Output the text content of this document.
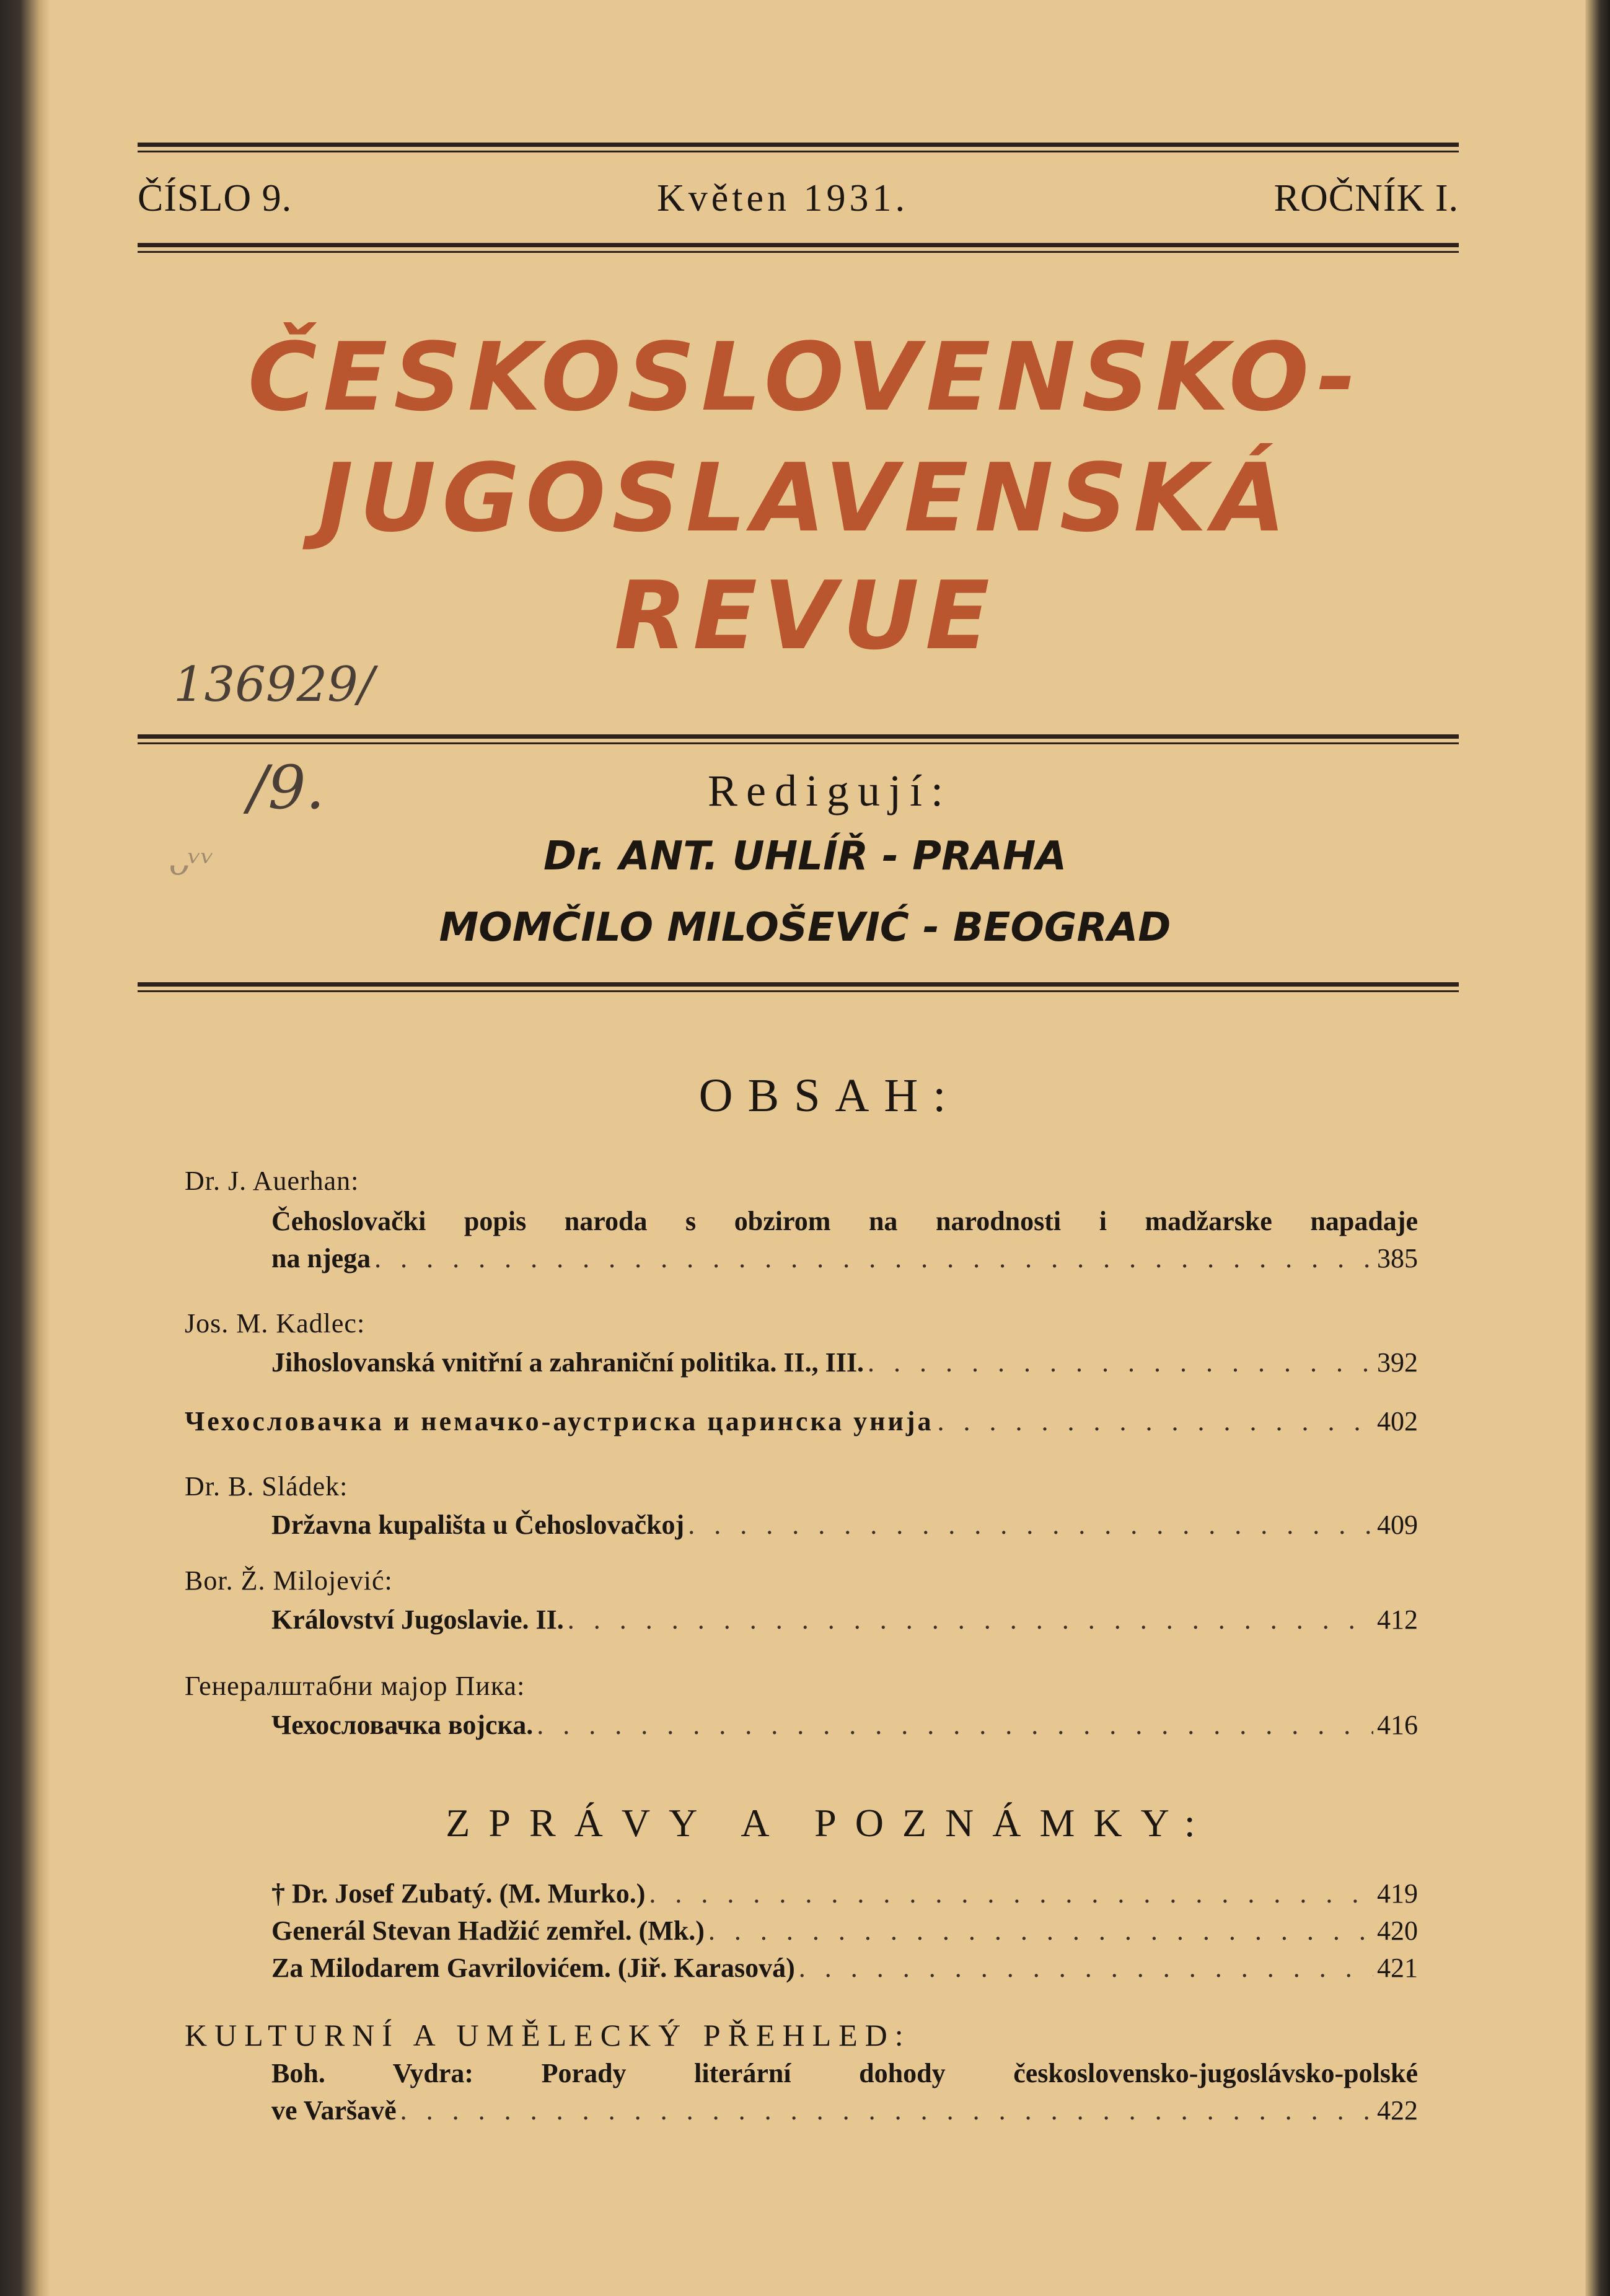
ČÍSLO 9.	Květen 1931.	ROČNÍK I.
ČESKOSLOVENSKO-
JUGOSLAVENSKÁ
REVUE
136929/
/9.
ᴗᵛᵛ
Redigují:
Dr. ANT. UHLÍŘ - PRAHA
MOMČILO MILOŠEVIĆ - BEOGRAD
OBSAH:
Dr. J. Auerhan:
Čehoslovački popis naroda s obzirom na narodnosti i madžarske napadaje
na njega . . .	385
Jos. M. Kadlec:
Jihoslovanská vnitřní a zahraniční politika. II., III. . . .	392
Чехословачка и немачко-аустриска царинска унија . . .	402
Dr. B. Sládek:
Državna kupališta u Čehoslovačkoj . . .	409
Bor. Ž. Milojević:
Království Jugoslavie. II. . . .	412
Генералштабни мајор Пика:
Чехословачка војска. . . .	416
ZPRÁVY A POZNÁMKY:
† Dr. Josef Zubatý. (M. Murko.) . . .	419
Generál Stevan Hadžić zemřel. (Mk.) . . .	420
Za Milodarem Gavrilovićem. (Jiř. Karasová) . . .	421
KULTURNÍ A UMĚLECKÝ PŘEHLED:
Boh. Vydra: Porady literární dohody československo-jugoslávsko-polské
ve Varšavě . . .	422
